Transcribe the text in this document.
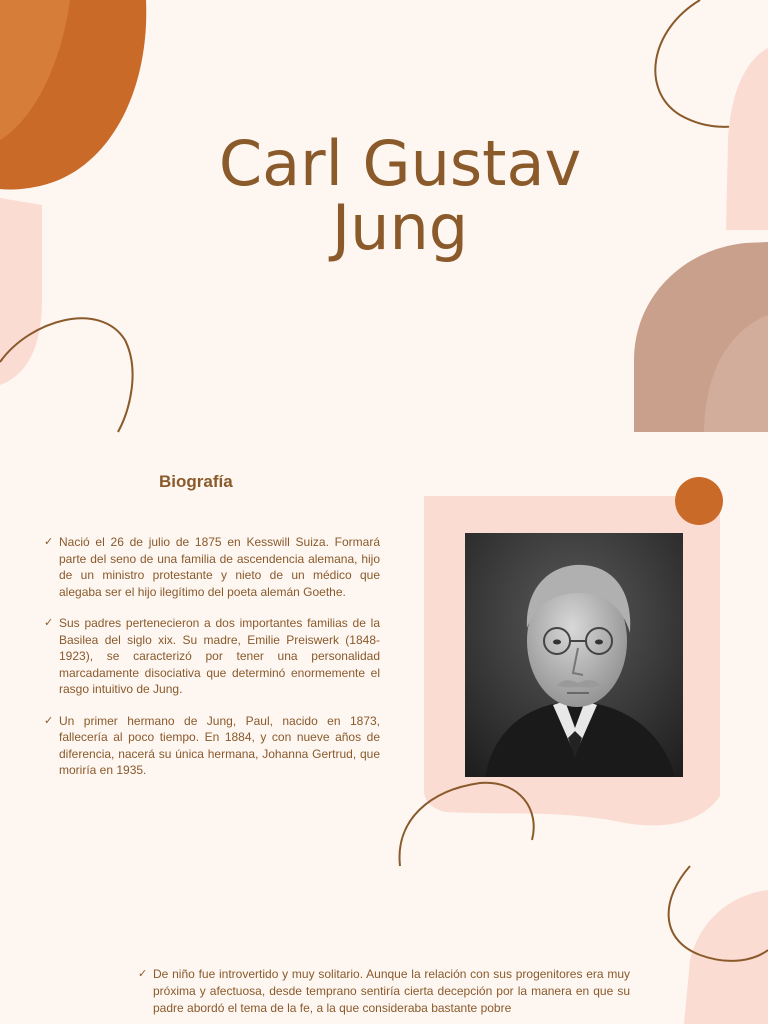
Carl Gustav
Jung
Biografía
✓ Nació el 26 de julio de 1875 en Kesswill Suiza. Formará parte del seno de una familia de ascendencia alemana, hijo de un ministro protestante y nieto de un médico que alegaba ser el hijo ilegítimo del poeta alemán Goethe.
✓ Sus padres pertenecieron a dos importantes familias de la Basilea del siglo xix. Su madre, Emilie Preiswerk (1848-1923), se caracterizó por tener una personalidad marcadamente disociativa que determinó enormemente el rasgo intuitivo de Jung.
✓ Un primer hermano de Jung, Paul, nacido en 1873, fallecería al poco tiempo. En 1884, y con nueve años de diferencia, nacerá su única hermana, Johanna Gertrud, que moriría en 1935.
✓ De niño fue introvertido y muy solitario. Aunque la relación con sus progenitores era muy próxima y afectuosa, desde temprano sentiría cierta decepción por la manera en que su padre abordó el tema de la fe, a la que consideraba bastante pobre
